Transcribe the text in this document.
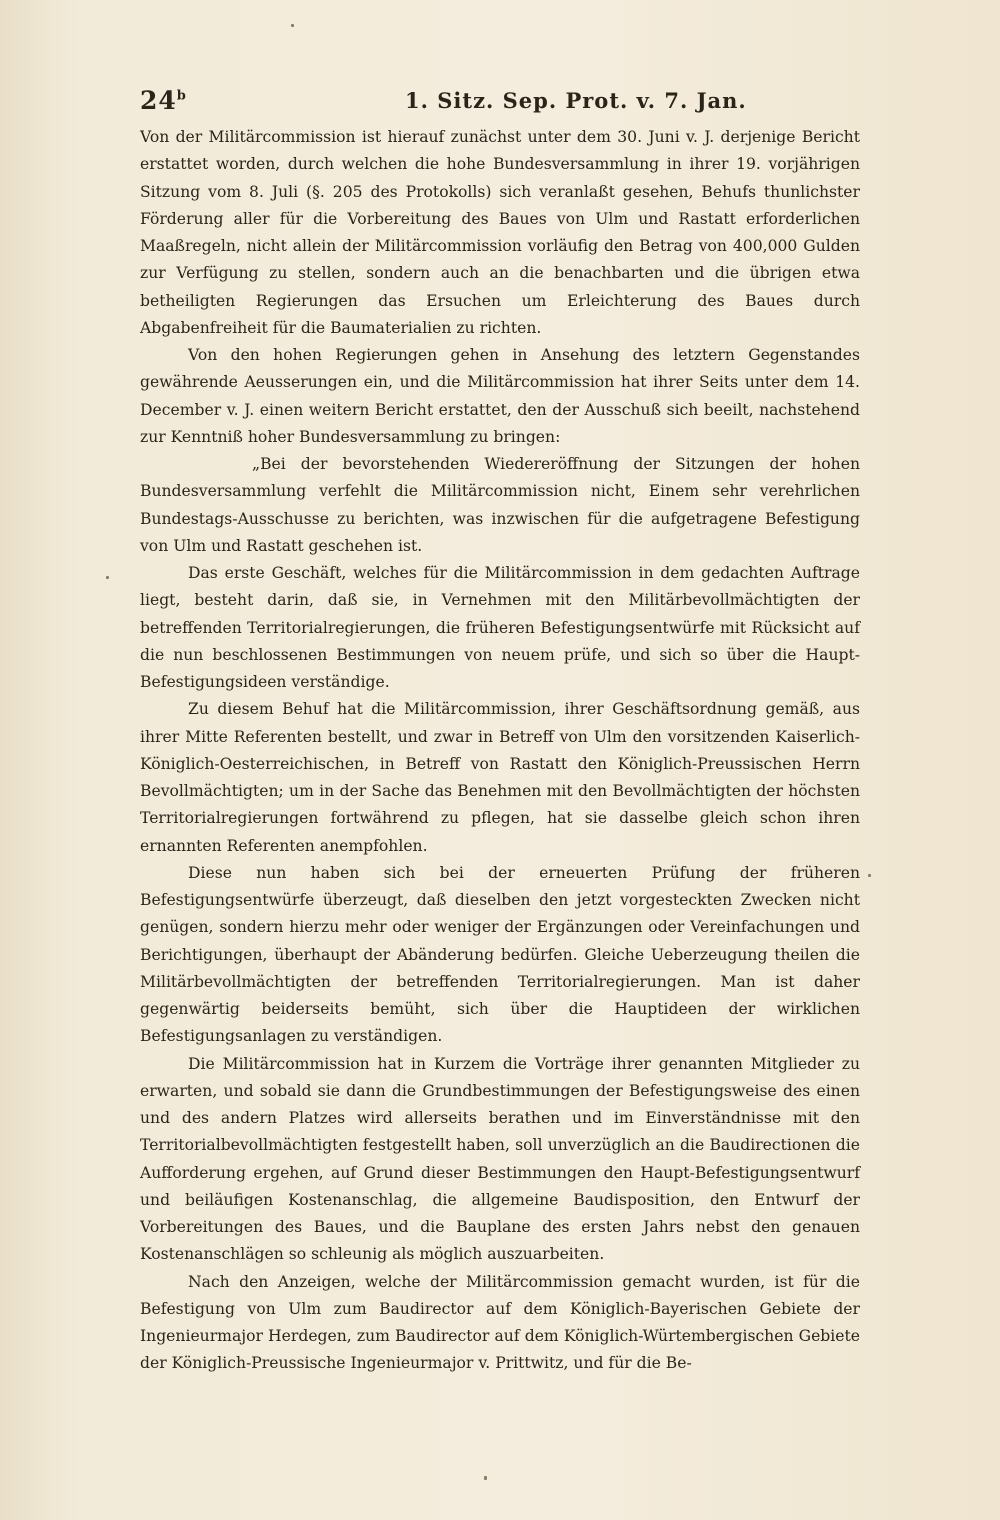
24$^b$	1. Sitz. Sep. Prot. v. 7. Jan.

Von der Militärcommission ist hierauf zunächst unter dem 30. Juni v. J. derjenige Bericht erstattet worden, durch welchen die hohe Bundesversammlung in ihrer 19. vorjährigen Sitzung vom 8. Juli (§. 205 des Protokolls) sich veranlaßt gesehen, Behufs thunlichster Förderung aller für die Vorbereitung des Baues von Ulm und Rastatt erforderlichen Maaßregeln, nicht allein der Militärcommission vorläufig den Betrag von 400,000 Gulden zur Verfügung zu stellen, sondern auch an die benachbarten und die übrigen etwa betheiligten Regierungen das Ersuchen um Erleichterung des Baues durch Abgabenfreiheit für die Baumaterialien zu richten.

Von den hohen Regierungen gehen in Ansehung des letztern Gegenstandes gewährende Aeusserungen ein, und die Militärcommission hat ihrer Seits unter dem 14. December v. J. einen weitern Bericht erstattet, den der Ausschuß sich beeilt, nachstehend zur Kenntniß hoher Bundesversammlung zu bringen:

„Bei der bevorstehenden Wiedereröffnung der Sitzungen der hohen Bundesversammlung verfehlt die Militärcommission nicht, Einem sehr verehrlichen Bundestags-Ausschusse zu berichten, was inzwischen für die aufgetragene Befestigung von Ulm und Rastatt geschehen ist.

Das erste Geschäft, welches für die Militärcommission in dem gedachten Auftrage liegt, besteht darin, daß sie, in Vernehmen mit den Militärbevollmächtigten der betreffenden Territorialregierungen, die früheren Befestigungsentwürfe mit Rücksicht auf die nun beschlossenen Bestimmungen von neuem prüfe, und sich so über die Haupt-Befestigungsideen verständige.

Zu diesem Behuf hat die Militärcommission, ihrer Geschäftsordnung gemäß, aus ihrer Mitte Referenten bestellt, und zwar in Betreff von Ulm den vorsitzenden Kaiserlich-Königlich-Oesterreichischen, in Betreff von Rastatt den Königlich-Preussischen Herrn Bevollmächtigten; um in der Sache das Benehmen mit den Bevollmächtigten der höchsten Territorialregierungen fortwährend zu pflegen, hat sie dasselbe gleich schon ihren ernannten Referenten anempfohlen.

Diese nun haben sich bei der erneuerten Prüfung der früheren Befestigungsentwürfe überzeugt, daß dieselben den jetzt vorgesteckten Zwecken nicht genügen, sondern hierzu mehr oder weniger der Ergänzungen oder Vereinfachungen und Berichtigungen, überhaupt der Abänderung bedürfen. Gleiche Ueberzeugung theilen die Militärbevollmächtigten der betreffenden Territorialregierungen. Man ist daher gegenwärtig beiderseits bemüht, sich über die Hauptideen der wirklichen Befestigungsanlagen zu verständigen.

Die Militärcommission hat in Kurzem die Vorträge ihrer genannten Mitglieder zu erwarten, und sobald sie dann die Grundbestimmungen der Befestigungsweise des einen und des andern Platzes wird allerseits berathen und im Einverständnisse mit den Territorialbevollmächtigten festgestellt haben, soll unverzüglich an die Baudirectionen die Aufforderung ergehen, auf Grund dieser Bestimmungen den Haupt-Befestigungsentwurf und beiläufigen Kostenanschlag, die allgemeine Baudisposition, den Entwurf der Vorbereitungen des Baues, und die Bauplane des ersten Jahrs nebst den genauen Kostenanschlägen so schleunig als möglich auszuarbeiten.

Nach den Anzeigen, welche der Militärcommission gemacht wurden, ist für die Befestigung von Ulm zum Baudirector auf dem Königlich-Bayerischen Gebiete der Ingenieurmajor Herdegen, zum Baudirector auf dem Königlich-Würtembergischen Gebiete der Königlich-Preussische Ingenieurmajor v. Prittwitz, und für die Be-
